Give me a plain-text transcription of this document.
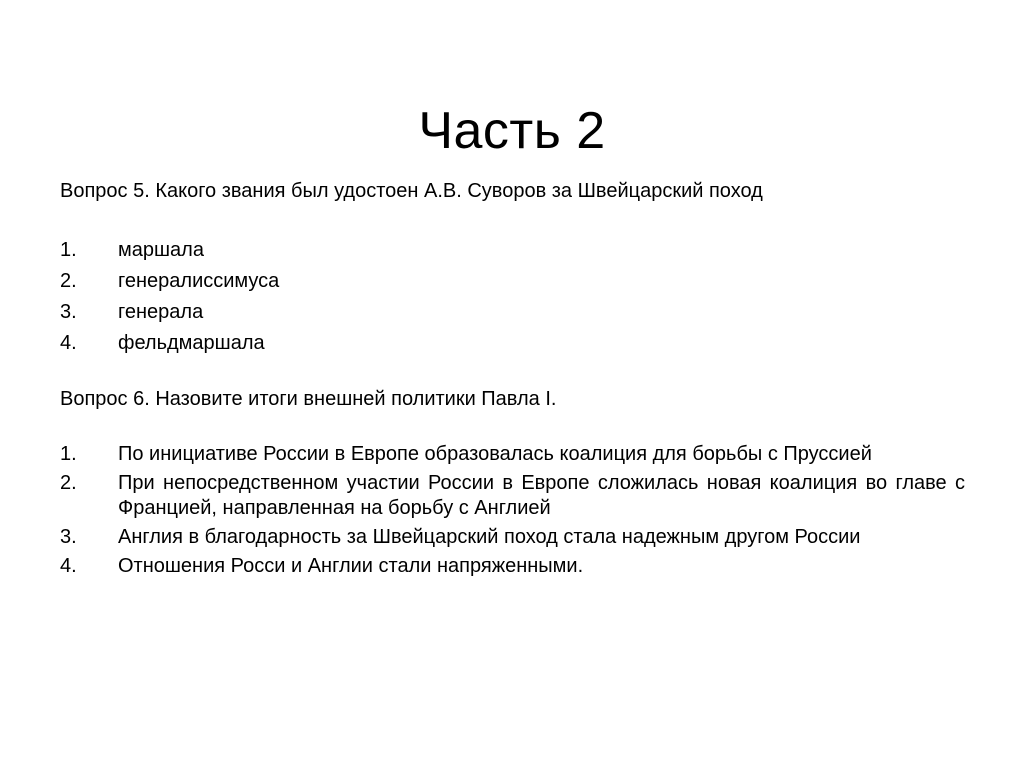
Часть 2

Вопрос 5. Какого звания был удостоен А.В. Суворов за Швейцарский поход

1.	маршала
2.	генералиссимуса
3.	генерала
4.	фельдмаршала

Вопрос 6. Назовите итоги внешней политики Павла I.

1.	По инициативе России в Европе образовалась коалиция для борьбы с Пруссией
2.	При непосредственном участии России в Европе сложилась новая коалиция во главе с Францией, направленная на борьбу с Англией
3.	Англия в благодарность за Швейцарский поход стала надежным другом России
4.	Отношения Росси и Англии стали напряженными.
